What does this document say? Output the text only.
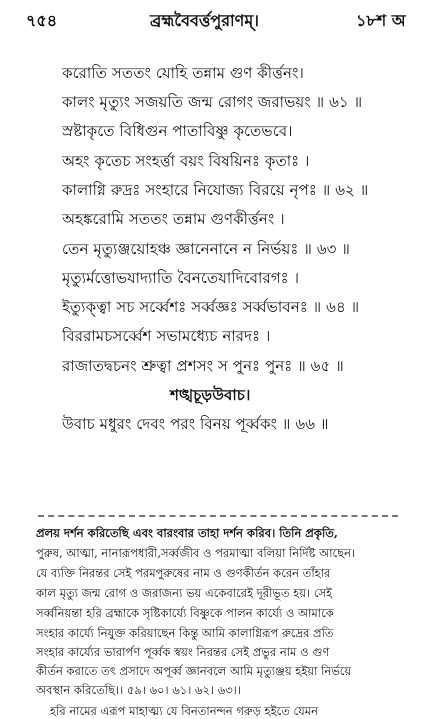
৭৫৪	ব্রহ্মবৈবর্ত্তপুরাণম্।	১৮শ অ
করোতি সততং যোহি তন্নাম গুণ কীৰ্ত্তনং।
কালং মৃত্যুং সজয়তি জন্ম রোগং জরাভয়ং ॥ ৬১ ॥
স্রষ্টাকৃতে বিধিগুন পাতাবিষ্ণু কৃতেভবে।
অহং কৃতেচ সংহৰ্ত্তা বয়ং বিষয়িনঃ কৃতাঃ ।
কালাগ্নি রুদ্রঃ সংহারে নিযোজ্য বিরয়ে নৃপঃ ॥ ৬২ ॥
অহঙ্করোমি সততং তন্নাম গুণকীর্ত্তনং ।
তেন মৃত্যুঞ্জয়োহঞ্চ জ্ঞানেনানে ন নির্ভয়ঃ ॥ ৬৩ ॥
মৃত্যুর্মত্তোভযাদ্যাতি বৈনতেযাদিবোরগঃ ।
ইত্যুক্ত্বা সচ সৰ্ব্বেশঃ সৰ্ব্বজ্ঞঃ সৰ্ব্বভাবনঃ ॥ ৬৪ ॥
বিররামচসর্ব্বেশ সভামধ্যেচ নারদঃ ।
রাজাতদ্বচনং শ্রুত্বা প্রশসং স পুনঃ পুনঃ ॥ ৬৫ ॥
শঙ্খচূড়উবাচ।
উবাচ মধুরং দেবং পরং বিনয় পূর্ব্বকং ॥ ৬৬ ॥
প্রলয় দর্শন করিতেছি এবং বারংবার তাহা দর্শন করিব। তিনি প্রকৃতি,
পুরুষ, আত্মা, নানারূপধারী,সর্ব্বজীব ও পরমাত্মা বলিয়া নির্দিষ্ট আছেন।
যে ব্যক্তি নিরন্তর সেই পরমপুরুষের নাম ও গুণকীর্তন করেন তাঁহার
কাল মৃত্যু জন্ম রোগ ও জরাজন্য ভয় একেবারেই দূরীভূত হয়। সেই
সর্ব্বনিয়ন্তা হরি ব্রহ্মাকে সৃষ্টিকার্য্যে বিষ্ণুকে পালন কার্য্যে ও আমাকে
সংহার কার্য্যে নিযুক্ত করিয়াছেন কিন্তু আমি কালাগ্নিরূপ রুদ্রের প্রতি
সংহার কার্য্যের ভারার্পণ পূর্ব্বক স্বয়ং নিরন্তর সেই প্রভুর নাম ও গুণ
কীর্তন করাতে তৎ প্রসাদে অপূর্ব্ব জ্ঞানবলে আমি মৃত্যুঞ্জয় হইয়া নির্ভয়ে
অবস্থান করিতেছি।। ৫৯। ৬০। ৬১। ৬২। ৬৩।।
হরি নামের এরূপ মাহাত্ম্য যে বিনতানন্দন গরুড় হইতে যেমন
